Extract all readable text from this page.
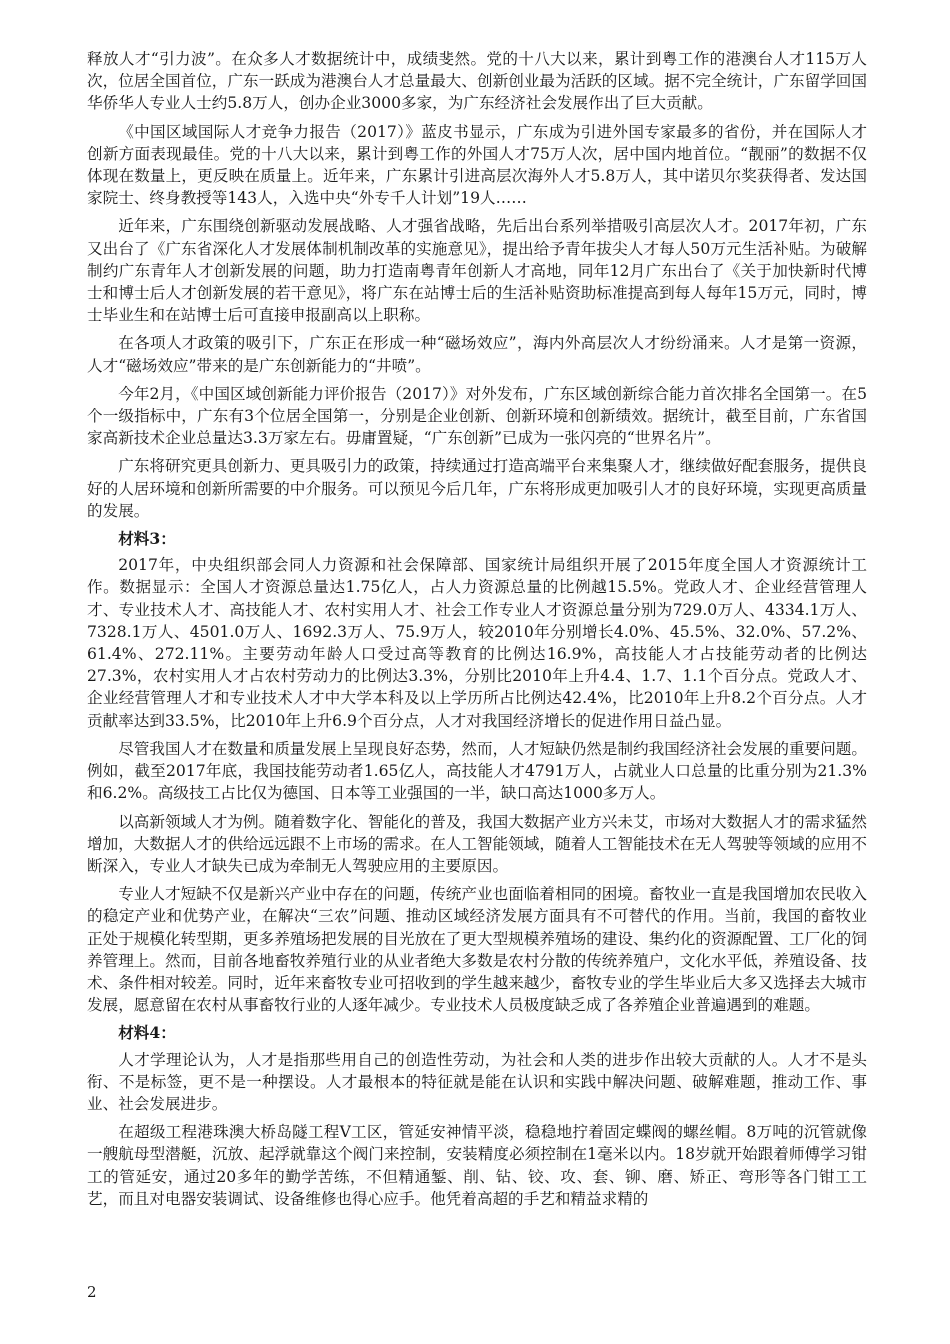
释放人才“引力波”。在众多人才数据统计中，成绩斐然。党的十八大以来，累计到粤工作的港澳台人才115万人次，位居全国首位，广东一跃成为港澳台人才总量最大、创新创业最为活跃的区域。据不完全统计，广东留学回国华侨华人专业人士约5.8万人，创办企业3000多家，为广东经济社会发展作出了巨大贡献。

《中国区域国际人才竞争力报告（2017）》蓝皮书显示，广东成为引进外国专家最多的省份，并在国际人才创新方面表现最佳。党的十八大以来，累计到粤工作的外国人才75万人次，居中国内地首位。“靓丽”的数据不仅体现在数量上，更反映在质量上。近年来，广东累计引进高层次海外人才5.8万人，其中诺贝尔奖获得者、发达国家院士、终身教授等143人，入选中央“外专千人计划”19人……

近年来，广东围绕创新驱动发展战略、人才强省战略，先后出台系列举措吸引高层次人才。2017年初，广东又出台了《广东省深化人才发展体制机制改革的实施意见》，提出给予青年拔尖人才每人50万元生活补贴。为破解制约广东青年人才创新发展的问题，助力打造南粤青年创新人才高地，同年12月广东出台了《关于加快新时代博士和博士后人才创新发展的若干意见》，将广东在站博士后的生活补贴资助标准提高到每人每年15万元，同时，博士毕业生和在站博士后可直接申报副高以上职称。

在各项人才政策的吸引下，广东正在形成一种“磁场效应”，海内外高层次人才纷纷涌来。人才是第一资源，人才“磁场效应”带来的是广东创新能力的“井喷”。

今年2月，《中国区域创新能力评价报告（2017）》对外发布，广东区域创新综合能力首次排名全国第一。在5个一级指标中，广东有3个位居全国第一，分别是企业创新、创新环境和创新绩效。据统计，截至目前，广东省国家高新技术企业总量达3.3万家左右。毋庸置疑，“广东创新”已成为一张闪亮的“世界名片”。

广东将研究更具创新力、更具吸引力的政策，持续通过打造高端平台来集聚人才，继续做好配套服务，提供良好的人居环境和创新所需要的中介服务。可以预见今后几年，广东将形成更加吸引人才的良好环境，实现更高质量的发展。

材料3：

2017年，中央组织部会同人力资源和社会保障部、国家统计局组织开展了2015年度全国人才资源统计工作。数据显示：全国人才资源总量达1.75亿人，占人力资源总量的比例越15.5%。党政人才、企业经营管理人才、专业技术人才、高技能人才、农村实用人才、社会工作专业人才资源总量分别为729.0万人、4334.1万人、7328.1万人、4501.0万人、1692.3万人、75.9万人，较2010年分别增长4.0%、45.5%、32.0%、57.2%、61.4%、272.11%。主要劳动年龄人口受过高等教育的比例达16.9%，高技能人才占技能劳动者的比例达27.3%，农村实用人才占农村劳动力的比例达3.3%，分别比2010年上升4.4、1.7、1.1个百分点。党政人才、企业经营管理人才和专业技术人才中大学本科及以上学历所占比例达42.4%，比2010年上升8.2个百分点。人才贡献率达到33.5%，比2010年上升6.9个百分点，人才对我国经济增长的促进作用日益凸显。

尽管我国人才在数量和质量发展上呈现良好态势，然而，人才短缺仍然是制约我国经济社会发展的重要问题。例如，截至2017年底，我国技能劳动者1.65亿人，高技能人才4791万人，占就业人口总量的比重分别为21.3%和6.2%。高级技工占比仅为德国、日本等工业强国的一半，缺口高达1000多万人。

以高新领域人才为例。随着数字化、智能化的普及，我国大数据产业方兴未艾，市场对大数据人才的需求猛然增加，大数据人才的供给远远跟不上市场的需求。在人工智能领域，随着人工智能技术在无人驾驶等领域的应用不断深入，专业人才缺失已成为牵制无人驾驶应用的主要原因。

专业人才短缺不仅是新兴产业中存在的问题，传统产业也面临着相同的困境。畜牧业一直是我国增加农民收入的稳定产业和优势产业，在解决“三农”问题、推动区域经济发展方面具有不可替代的作用。当前，我国的畜牧业正处于规模化转型期，更多养殖场把发展的目光放在了更大型规模养殖场的建设、集约化的资源配置、工厂化的饲养管理上。然而，目前各地畜牧养殖行业的从业者绝大多数是农村分散的传统养殖户，文化水平低，养殖设备、技术、条件相对较差。同时，近年来畜牧专业可招收到的学生越来越少，畜牧专业的学生毕业后大多又选择去大城市发展，愿意留在农村从事畜牧行业的人逐年减少。专业技术人员极度缺乏成了各养殖企业普遍遇到的难题。

材料4：

人才学理论认为，人才是指那些用自己的创造性劳动，为社会和人类的进步作出较大贡献的人。人才不是头衔、不是标签，更不是一种摆设。人才最根本的特征就是能在认识和实践中解决问题、破解难题，推动工作、事业、社会发展进步。

在超级工程港珠澳大桥岛隧工程Ⅴ工区，管延安神情平淡，稳稳地拧着固定蝶阀的螺丝帽。8万吨的沉管就像一艘航母型潜艇，沉放、起浮就靠这个阀门来控制，安装精度必须控制在1毫米以内。18岁就开始跟着师傅学习钳工的管延安，通过20多年的勤学苦练，不但精通錾、削、钻、铰、攻、套、铆、磨、矫正、弯形等各门钳工工艺，而且对电器安装调试、设备维修也得心应手。他凭着高超的手艺和精益求精的

2
